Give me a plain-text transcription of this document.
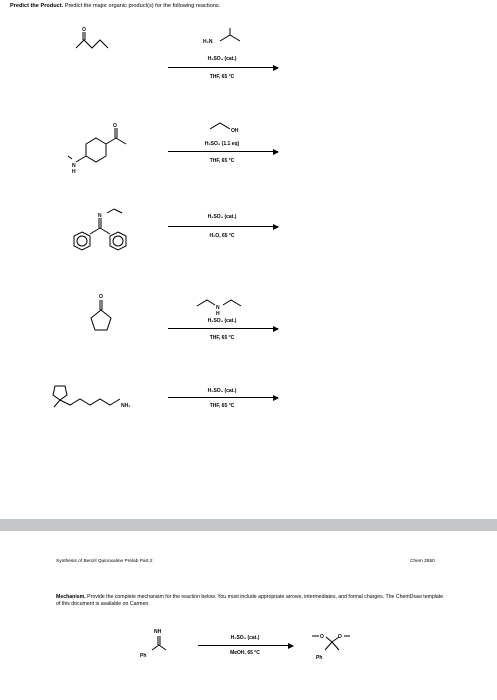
Predict the Product. Predict the major organic product(s) for the following reactions.
O
H₂N
H₂SO₄ (cat.)
THF, 65 °C
O
N
H
OH
H₂SO₄ (1.1 eq)
THF, 65 °C
N	H₂SO₄ (cat.)
H₂O, 65 °C
O
N
H
H₂SO₄ (cat.)
THF, 65 °C
NH₂
H₂SO₄ (cat.)
THF, 65 °C
Synthesis of Benzil Quinoxaline Prelab Part 2	Chem 2550
Mechanism. Provide the complete mechanism for the reaction below. You must include appropriate arrows, intermediates, and formal charges. The ChemDraw template of this document is available on Carmen.
NH
Ph
H₂SO₄ (cat.)
MeOH, 65 °C
O	O
Ph
